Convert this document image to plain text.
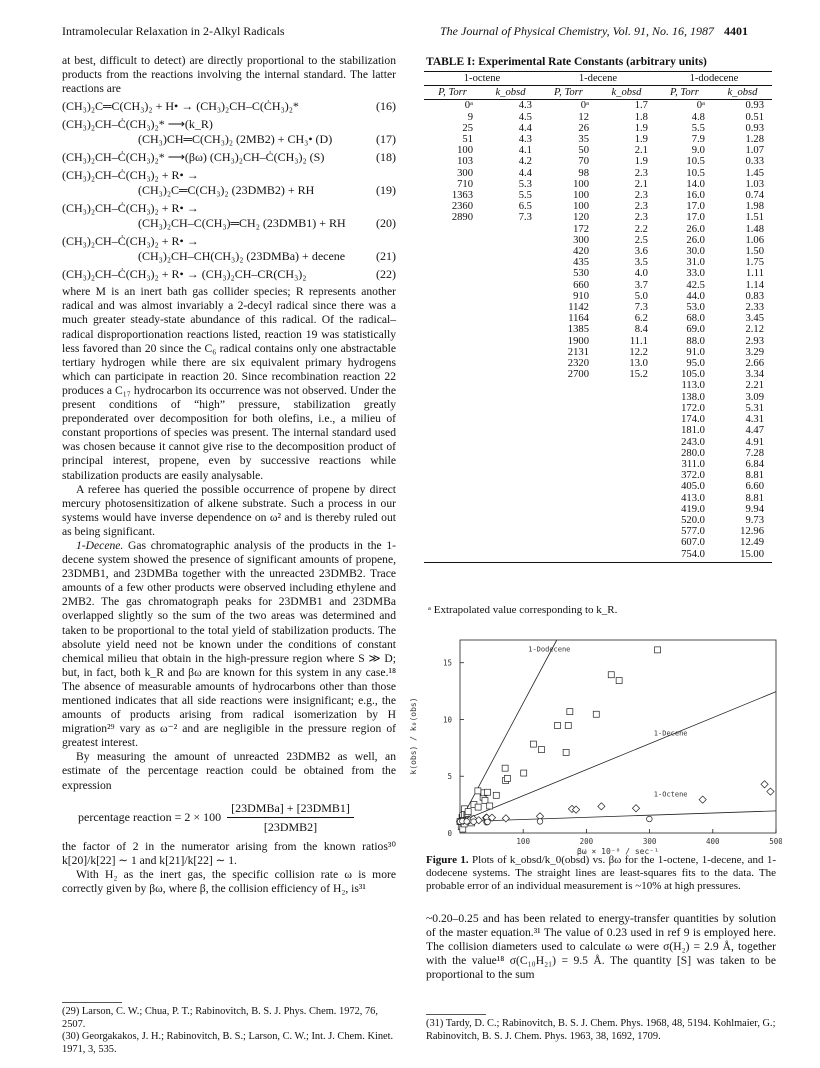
Intramolecular Relaxation in 2-Alkyl Radicals	The Journal of Physical Chemistry, Vol. 91, No. 16, 1987 4401

at best, difficult to detect) are directly proportional to the stabilization products from the reactions involving the internal standard. The latter reactions are

(CH₃)₂C═C(CH₃)₂ + H• → (CH₃)₂CH–C(ĊH₃)₂*	(16)
(CH₃)₂CH–Ċ(CH₃)₂* ⟶(k_R)
(CH₃)CH═C(CH₃)₂ (2MB2) + CH₃• (D)	(17)
(CH₃)₂CH–Ċ(CH₃)₂* ⟶(βω) (CH₃)₂CH–Ċ(CH₃)₂ (S)	(18)
(CH₃)₂CH–Ċ(CH₃)₂ + R• →
(CH₃)₂C═C(CH₃)₂ (23DMB2) + RH	(19)
(CH₃)₂CH–Ċ(CH₃)₂ + R• →
(CH₃)₂CH–C(CH₃)═CH₂ (23DMB1) + RH	(20)
(CH₃)₂CH–Ċ(CH₃)₂ + R• →
(CH₃)₂CH–CH(CH₃)₂ (23DMBa) + decene	(21)
(CH₃)₂CH–Ċ(CH₃)₂ + R• → (CH₃)₂CH–CR(CH₃)₂	(22)

where M is an inert bath gas collider species; R represents another radical and was almost invariably a 2-decyl radical since there was a much greater steady-state abundance of this radical. Of the radical–radical disproportionation reactions listed, reaction 19 was statistically less favored than 20 since the C₆ radical contains only one abstractable tertiary hydrogen while there are six equivalent primary hydrogens which can participate in reaction 20. Since recombination reaction 22 produces a C₁₇ hydrocarbon its occurrence was not observed. Under the present conditions of “high” pressure, stabilization greatly preponderated over decomposition for both olefins, i.e., a milieu of constant proportions of species was present. The internal standard used was chosen because it cannot give rise to the decomposition product of principal interest, propene, even by successive reactions while stabilization products are easily analysable.

A referee has queried the possible occurrence of propene by direct mercury photosensitization of alkene substrate. Such a process in our systems would have inverse dependence on ω² and is thereby ruled out as being significant.

1-Decene. Gas chromatographic analysis of the products in the 1-decene system showed the presence of significant amounts of propene, 23DMB1, and 23DMBa together with the unreacted 23DMB2. Trace amounts of a few other products were observed including ethylene and 2MB2. The gas chromatograph peaks for 23DMB1 and 23DMBa overlapped slightly so the sum of the two areas was determined and taken to be proportional to the total yield of stabilization products. The absolute yield need not be known under the conditions of constant chemical milieu that obtain in the high-pressure region where S ≫ D; but, in fact, both k_R and βω are known for this system in any case.¹⁸ The absence of measurable amounts of hydrocarbons other than those mentioned indicates that all side reactions were insignificant; e.g., the amounts of products arising from radical isomerization by H migration²⁹ vary as ω⁻² and are negligible in the pressure region of greatest interest.

By measuring the amount of unreacted 23DMB2 as well, an estimate of the percentage reaction could be obtained from the expression

percentage reaction = $2 \times 100 \frac{\text{[23DMBa] + [23DMB1]}}{\text{[23DMB2]}}$

the factor of 2 in the numerator arising from the known ratios³⁰ k[20]/k[22] ∼ 1 and k[21]/k[22] ∼ 1.

With H₂ as the inert gas, the specific collision rate ω is more correctly given by βω, where β, the collision efficiency of H₂, is³¹

(29) Larson, C. W.; Chua, P. T.; Rabinovitch, B. S. J. Phys. Chem. 1972, 76, 2507.
(30) Georgakakos, J. H.; Rabinovitch, B. S.; Larson, C. W.; Int. J. Chem. Kinet. 1971, 3, 535.
TABLE I: Experimental Rate Constants (arbitrary units)
1-octene		1-decene		1-dodecene	
P, Torr	k_obsd	P, Torr	k_obsd	P, Torr	k_obsd
0ᵃ	4.3	0ᵃ	1.7	0ᵃ	0.93
9	4.5	12	1.8	4.8	0.51
25	4.4	26	1.9	5.5	0.93
51	4.3	35	1.9	7.9	1.28
100	4.1	50	2.1	9.0	1.07
103	4.2	70	1.9	10.5	0.33
300	4.4	98	2.3	10.5	1.45
710	5.3	100	2.1	14.0	1.03
1363	5.5	100	2.3	16.0	0.74
2360	6.5	100	2.3	17.0	1.98
2890	7.3	120	2.3	17.0	1.51
		172	2.2	26.0	1.48
		300	2.5	26.0	1.06
		420	3.6	30.0	1.50
		435	3.5	31.0	1.75
		530	4.0	33.0	1.11
		660	3.7	42.5	1.14
		910	5.0	44.0	0.83
		1142	7.3	53.0	2.33
		1164	6.2	68.0	3.45
		1385	8.4	69.0	2.12
		1900	11.1	88.0	2.93
		2131	12.2	91.0	3.29
		2320	13.0	95.0	2.66
		2700	15.2	105.0	3.34
				113.0	2.21
				138.0	3.09
				172.0	5.31
				174.0	4.31
				181.0	4.47
				243.0	4.91
				280.0	7.28
				311.0	6.84
				372.0	8.81
				405.0	6.60
				413.0	8.81
				419.0	9.94
				520.0	9.73
				577.0	12.96
				607.0	12.49
				754.0	15.00
ᵃ Extrapolated value corresponding to k_R.
100	200	300	400	500
5
10
15
0
1-Dodecene
1-Decene
1-Octene
βω × 10⁻⁸ / sec⁻¹
k(obs) / k₀(obs)
Figure 1. Plots of k_obsd/k_0(obsd) vs. βω for the 1-octene, 1-decene, and 1-dodecene systems. The straight lines are least-squares fits to the data. The probable error of an individual measurement is ~10% at high pressures.

~0.20–0.25 and has been related to energy-transfer quantities by solution of the master equation.³¹ The value of 0.23 used in ref 9 is employed here. The collision diameters used to calculate ω were σ(H₂) = 2.9 Å, together with the value¹⁸ σ(C₁₀H₂₁) = 9.5 Å. The quantity [S] was taken to be proportional to the sum

(31) Tardy, D. C.; Rabinovitch, B. S. J. Chem. Phys. 1968, 48, 5194. Kohlmaier, G.; Rabinovitch, B. S. J. Chem. Phys. 1963, 38, 1692, 1709.
